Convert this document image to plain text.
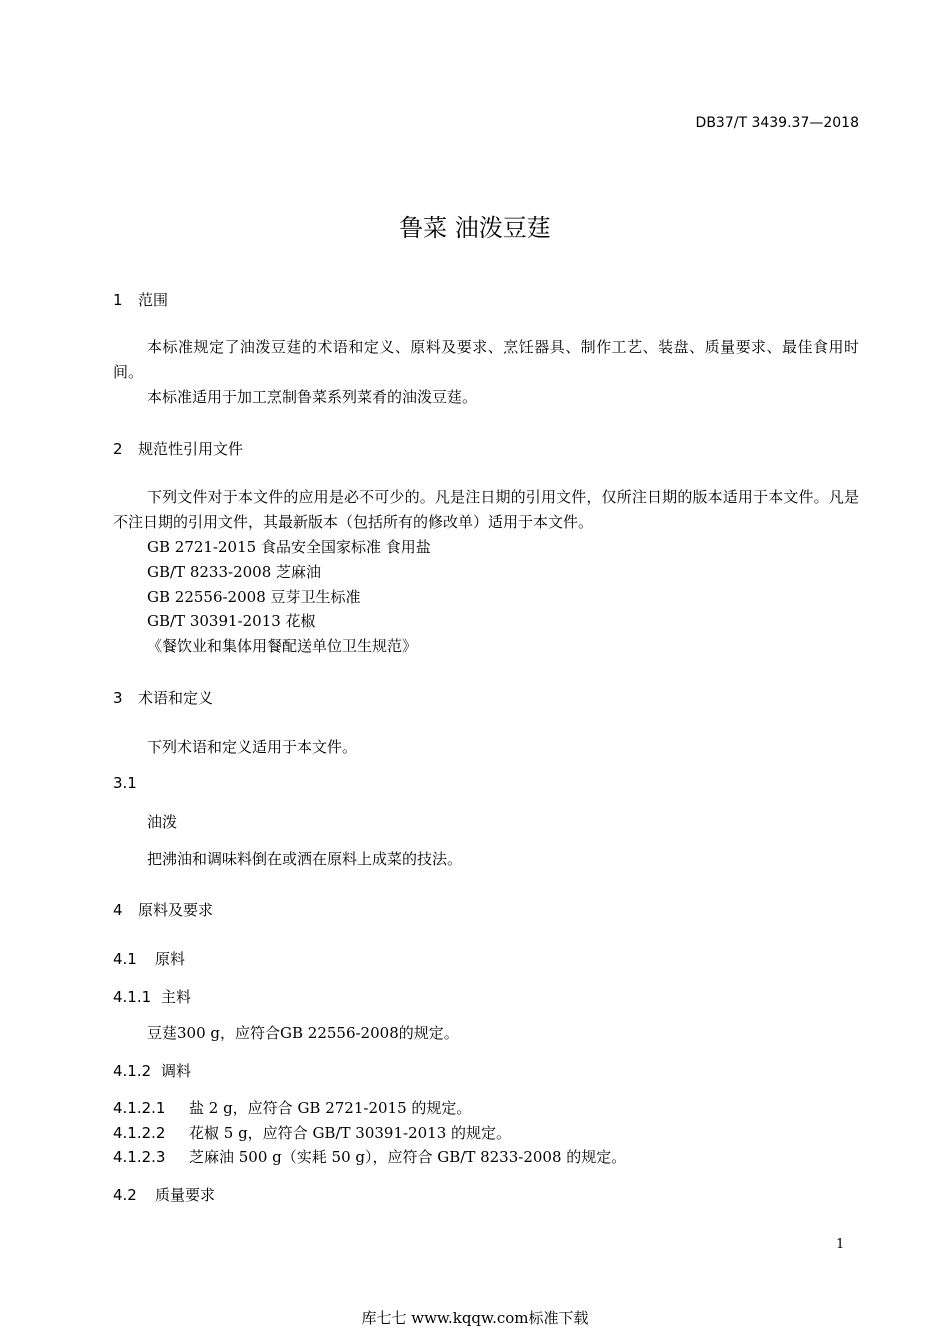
DB37/T 3439.37—2018
鲁菜 油泼豆莛
1 范围
本标准规定了油泼豆莛的术语和定义、原料及要求、烹饪器具、制作工艺、装盘、质量要求、最佳食用时间。
本标准适用于加工烹制鲁菜系列菜肴的油泼豆莛。
2 规范性引用文件
下列文件对于本文件的应用是必不可少的。凡是注日期的引用文件，仅所注日期的版本适用于本文件。凡是不注日期的引用文件，其最新版本（包括所有的修改单）适用于本文件。
GB 2721-2015 食品安全国家标准 食用盐
GB/T 8233-2008 芝麻油
GB 22556-2008 豆芽卫生标准
GB/T 30391-2013 花椒
《餐饮业和集体用餐配送单位卫生规范》
3 术语和定义
下列术语和定义适用于本文件。
3.1
油泼
把沸油和调味料倒在或洒在原料上成菜的技法。
4 原料及要求
4.1 原料
4.1.1 主料
豆莛300 g，应符合GB 22556-2008的规定。
4.1.2 调料
4.1.2.1 盐 2 g，应符合 GB 2721-2015 的规定。
4.1.2.2 花椒 5 g，应符合 GB/T 30391-2013 的规定。
4.1.2.3 芝麻油 500 g（实耗 50 g），应符合 GB/T 8233-2008 的规定。
4.2 质量要求
1
库七七 www.kqqw.com标准下载
